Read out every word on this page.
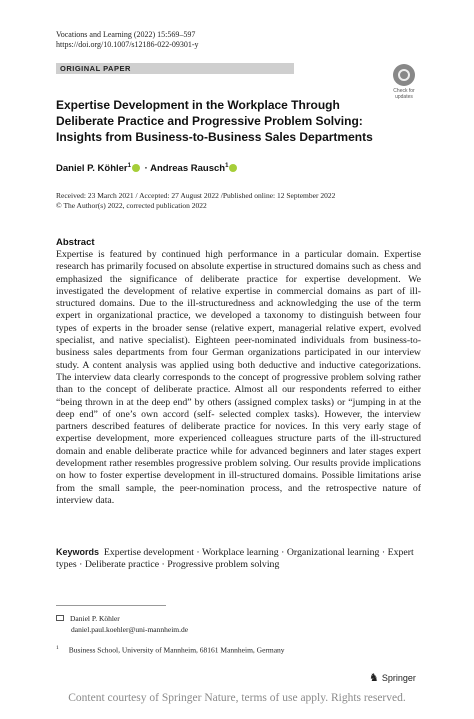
Vocations and Learning (2022) 15:569–597
https://doi.org/10.1007/s12186-022-09301-y
ORIGINAL PAPER
Check for
updates
Expertise Development in the Workplace Through Deliberate Practice and Progressive Problem Solving: Insights from Business-to-Business Sales Departments
Daniel P. Köhler$^1$ · Andreas Rausch$^1$
Received: 23 March 2021 / Accepted: 27 August 2022 /Published online: 12 September 2022
© The Author(s) 2022, corrected publication 2022
Abstract
Expertise is featured by continued high performance in a particular domain. Expertise research has primarily focused on absolute expertise in structured domains such as chess and emphasized the significance of deliberate practice for expertise development. We investigated the development of relative expertise in commercial domains as part of ill-structured domains. Due to the ill-structuredness and acknowledging the use of the term expert in organizational practice, we developed a taxonomy to distinguish between four types of experts in the broader sense (relative expert, managerial relative expert, evolved specialist, and native specialist). Eighteen peer-nominated individuals from business-to-business sales departments from four German organizations participated in our interview study. A content analysis was applied using both deductive and inductive categorizations. The interview data clearly corresponds to the concept of progressive problem solving rather than to the concept of deliberate practice. Almost all our respondents referred to either “being thrown in at the deep end” by others (assigned complex tasks) or “jumping in at the deep end” of one’s own accord (self- selected complex tasks). However, the interview partners described features of deliberate practice for novices. In this very early stage of expertise development, more experienced colleagues structure parts of the ill-structured domain and enable deliberate practice while for advanced beginners and later stages expert development rather resembles progressive problem solving. Our results provide implications on how to foster expertise development in ill-structured domains. Possible limitations arise from the small sample, the peer-nomination process, and the retrospective nature of interview data.
Keywords Expertise development · Workplace learning · Organizational learning · Expert types · Deliberate practice · Progressive problem solving
Daniel P. Köhler
daniel.paul.koehler@uni-mannheim.de
$^1$ Business School, University of Mannheim, 68161 Mannheim, Germany
♞ Springer
Content courtesy of Springer Nature, terms of use apply. Rights reserved.
